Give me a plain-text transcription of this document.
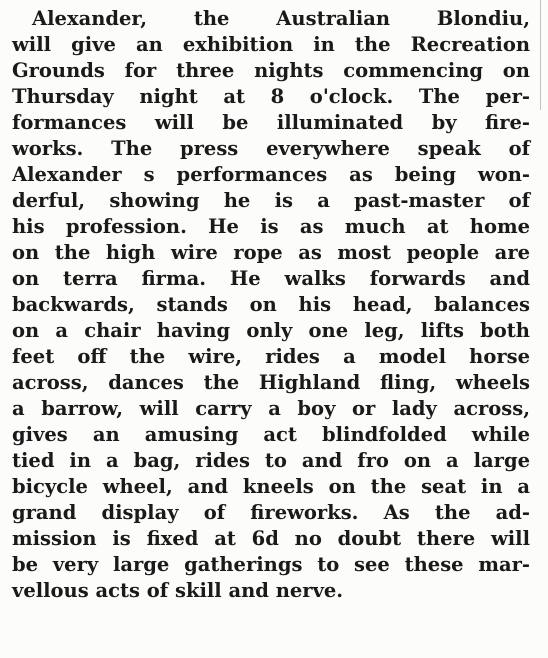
Alexander, the Australian Blondiu,
will give an exhibition in the Recreation
Grounds for three nights commencing on
Thursday night at 8 o'clock. The per-
formances will be illuminated by fire-
works. The press everywhere speak of
Alexander s performances as being won-
derful, showing he is a past-master of
his profession. He is as much at home
on the high wire rope as most people are
on terra firma. He walks forwards and
backwards, stands on his head, balances
on a chair having only one leg, lifts both
feet off the wire, rides a model horse
across, dances the Highland fling, wheels
a barrow, will carry a boy or lady across,
gives an amusing act blindfolded while
tied in a bag, rides to and fro on a large
bicycle wheel, and kneels on the seat in a
grand display of fireworks. As the ad-
mission is fixed at 6d no doubt there will
be very large gatherings to see these mar-
vellous acts of skill and nerve.
